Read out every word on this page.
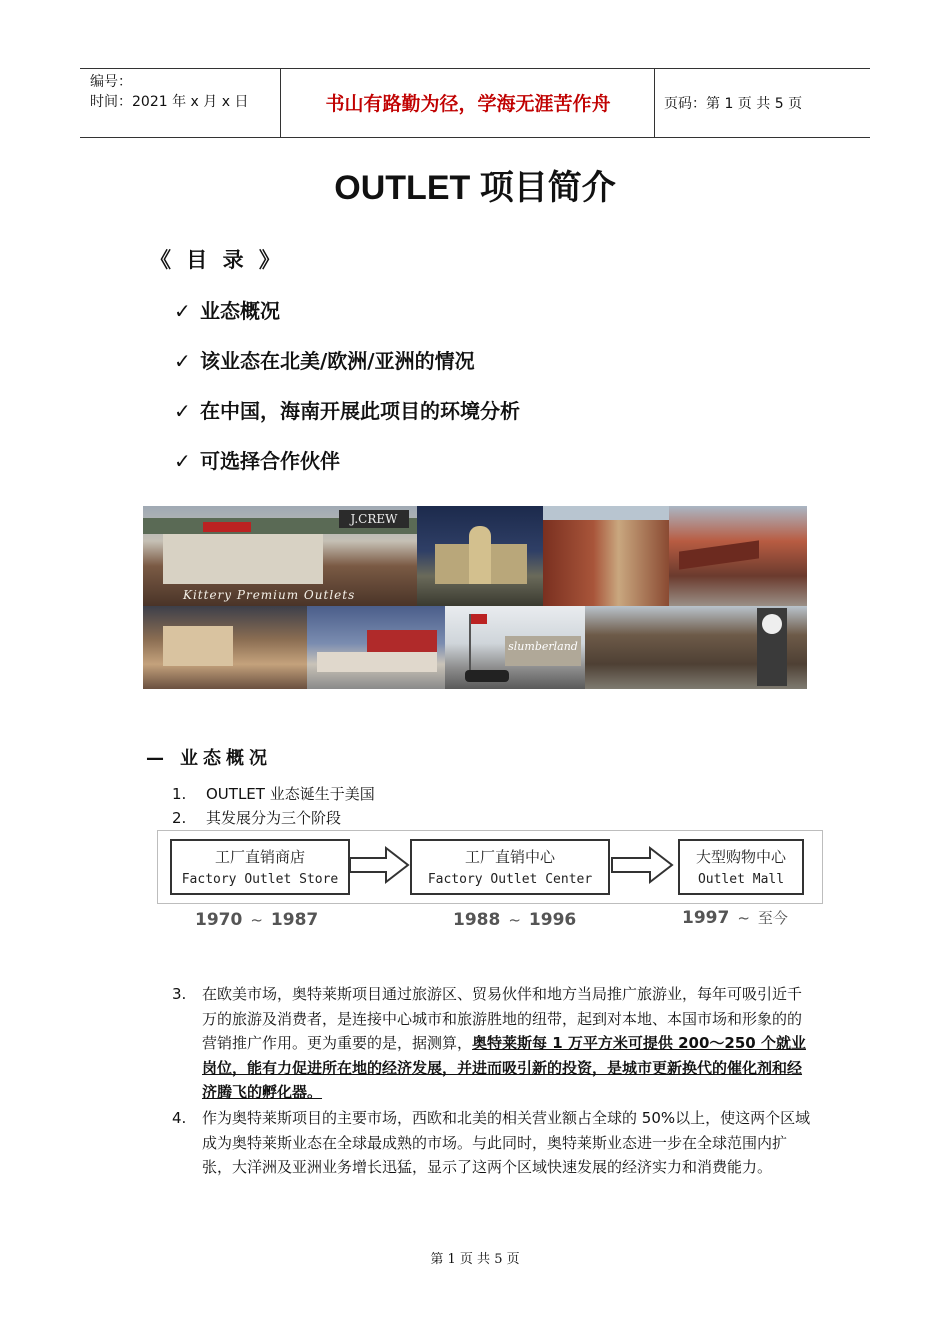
编号：
时间：2021 年 x 月 x 日	书山有路勤为径，学海无涯苦作舟	页码：第 1 页 共 5 页
OUTLET 项目简介
《 目 录 》
✓ 业态概况
✓ 该业态在北美/欧洲/亚洲的情况
✓ 在中国，海南开展此项目的环境分析
✓ 可选择合作伙伴
J.CREW
Kittery Premium Outlets
slumberland
— 业态概况
1. OUTLET 业态诞生于美国
2. 其发展分为三个阶段
工厂直销商店
Factory Outlet Store
工厂直销中心
Factory Outlet Center
大型购物中心
Outlet Mall
1970 ~ 1987	1988 ~ 1996	1997 ~ 至今
3. 在欧美市场，奥特莱斯项目通过旅游区、贸易伙伴和地方当局推广旅游业，每年可吸引近千万的旅游及消费者，是连接中心城市和旅游胜地的纽带，起到对本地、本国市场和形象的的营销推广作用。更为重要的是，据测算，奥特莱斯每 1 万平方米可提供 200～250 个就业岗位，能有力促进所在地的经济发展，并进而吸引新的投资，是城市更新换代的催化剂和经济腾飞的孵化器。
4. 作为奥特莱斯项目的主要市场，西欧和北美的相关营业额占全球的 50%以上，使这两个区域成为奥特莱斯业态在全球最成熟的市场。与此同时，奥特莱斯业态进一步在全球范围内扩张，大洋洲及亚洲业务增长迅猛，显示了这两个区域快速发展的经济实力和消费能力。
第 1 页 共 5 页
